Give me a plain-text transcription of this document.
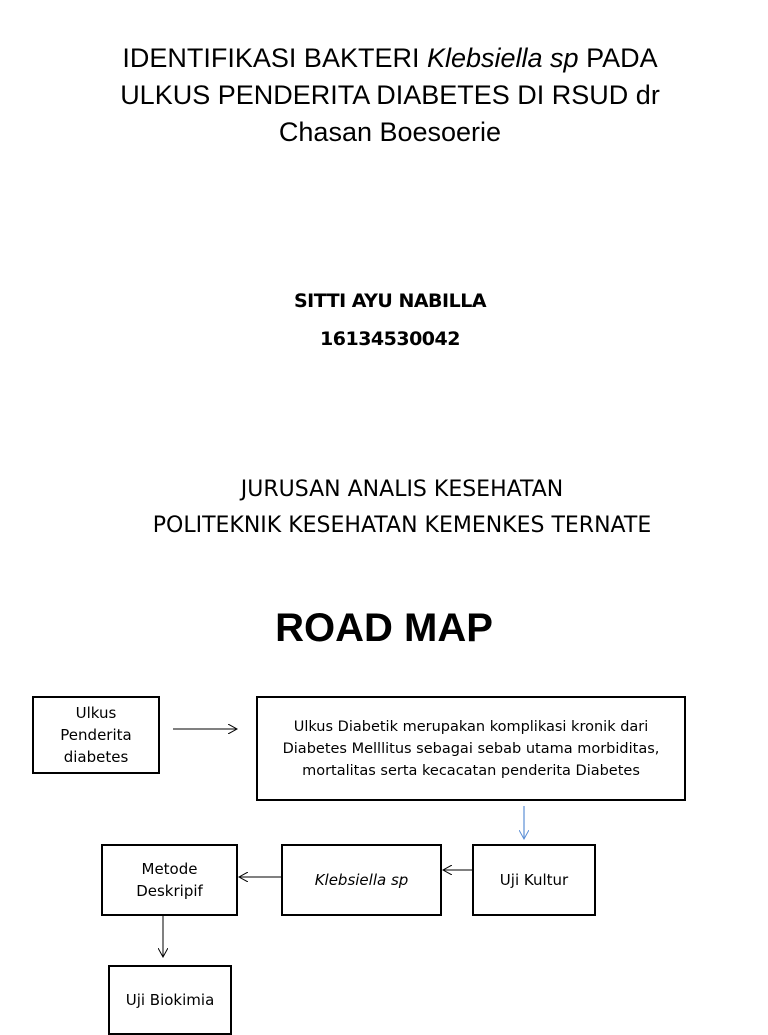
IDENTIFIKASI BAKTERI Klebsiella sp PADA
ULKUS PENDERITA DIABETES DI RSUD dr
Chasan Boesoerie
SITTI AYU NABILLA
16134530042
JURUSAN ANALIS KESEHATAN
POLITEKNIK KESEHATAN KEMENKES TERNATE
ROAD MAP
Ulkus Penderita diabetes
Ulkus Diabetik merupakan komplikasi kronik dari Diabetes Melllitus sebagai sebab utama morbiditas, mortalitas serta kecacatan penderita Diabetes
Uji Kultur
Klebsiella sp
Metode Deskripif
Uji Biokimia
